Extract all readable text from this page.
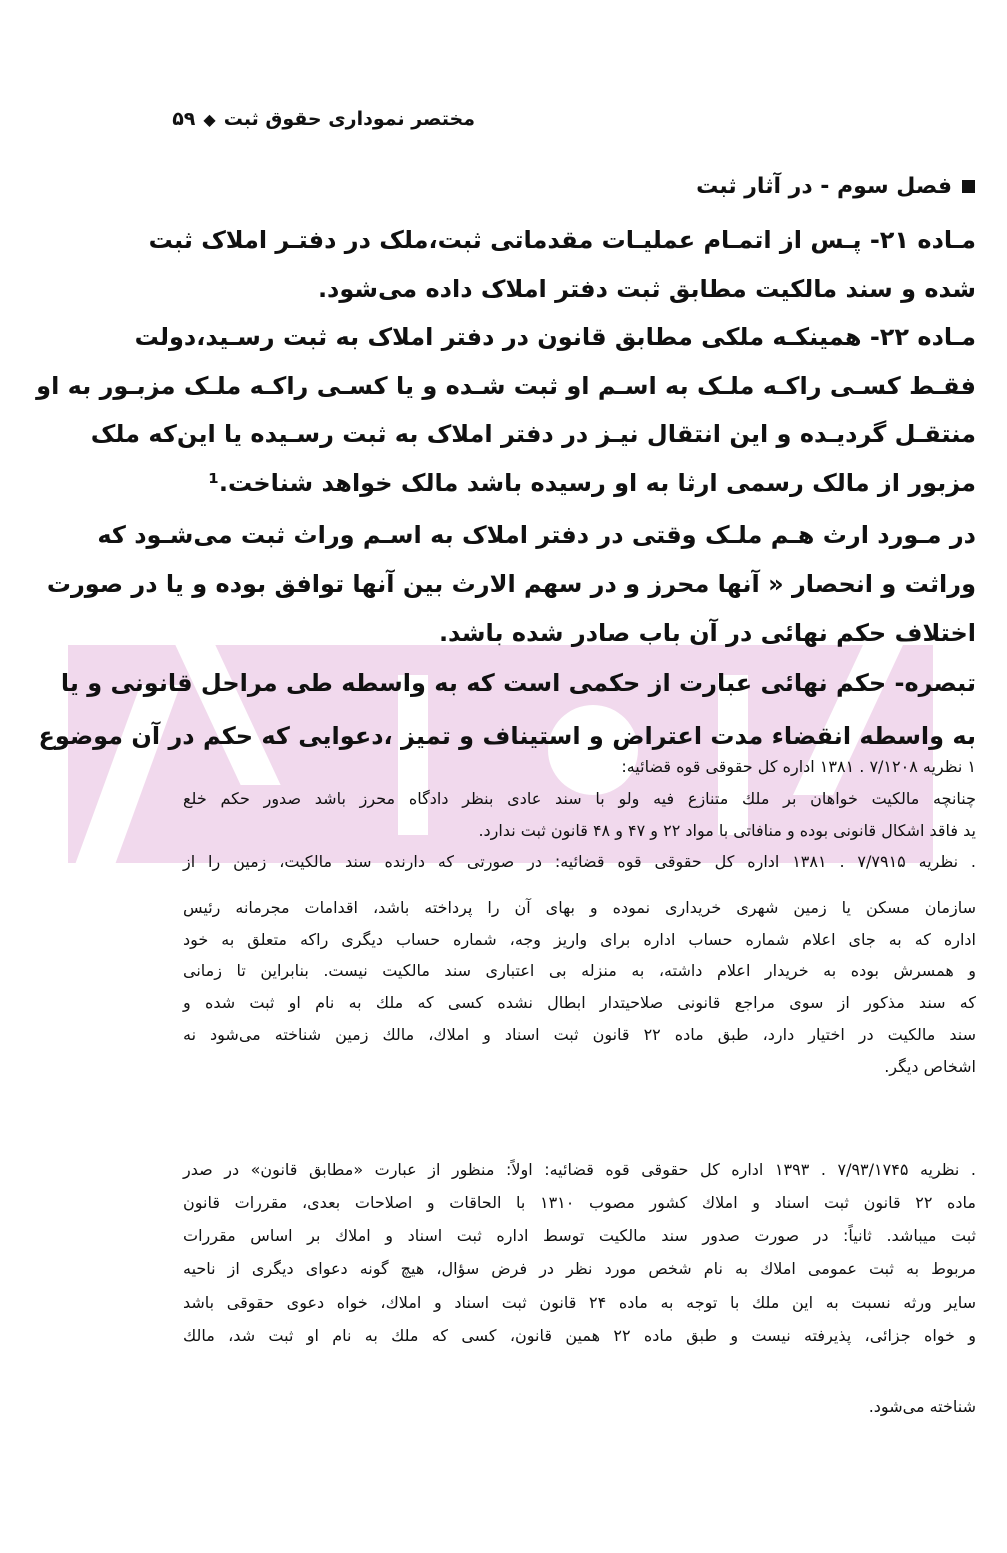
مختصر نموداری حقوق ثبت◆۵۹
فصل سوم - در آثار ثبت
مـاده ۲۱- پـس از اتمـام عمليـات مقدماتی ثبت،ملک در دفتـر املاک ثبت
شده و سند مالكيت مطابق ثبت دفتر املاک داده می‌شود.
مـاده ۲۲- همينكـه ملكی مطابق قانون در دفتر املاک به ثبت رسـيد،دولت
فقـط كسـی راكـه ملـک به اسـم او ثبت شـده و يا كسـی راكـه ملـک مزبـور به او
منتقـل گرديـده و اين انتقال نيـز در دفتر املاک به ثبت رسـيده يا اين‌كه ملک
مزبور از مالک رسمی ارثا به او رسيده باشد مالک خواهد شناخت.¹
در مـورد ارث هـم ملـک وقتی در دفتر املاک به اسـم وراث ثبت می‌شـود كه
وراثت و انحصار « آنها محرز و در سهم الارث بين آنها توافق بوده و يا در صورت
اختلاف حكم نهائی در آن باب صادر شده باشد.
تبصره- حكم نهائی عبارت از حكمی است كه به واسطه طی مراحل قانونی و يا
به واسطه انقضاء مدت اعتراض و استيناف و تميز ،دعوايی كه حكم در آن موضوع
۱ نظريه ۷/۱۲۰۸ . ۱۳۸۱ اداره كل حقوقی قوه قضائيه:
چنانچه مالكيت خواهان بر ملك متنازع فيه ولو با سند عادی بنظر دادگاه محرز باشد صدور حكم خلع
يد فاقد اشكال قانونی بوده و منافاتی با مواد ۲۲ و ۴۷ و ۴۸ قانون ثبت ندارد.
. نظريه ۷/۷۹۱۵ . ۱۳۸۱ اداره كل حقوقی قوه قضائيه: در صورتی كه دارنده سند مالكيت، زمين را از
سازمان مسكن يا زمين شهری خريداری نموده و بهای آن را پرداخته باشد، اقدامات مجرمانه رئيس
اداره كه به جای اعلام شماره حساب اداره برای واريز وجه، شماره حساب ديگری راكه متعلق به خود
و همسرش بوده به خريدار اعلام داشته، به منزله بی اعتباری سند مالكيت نيست. بنابراين تا زمانی
كه سند مذكور از سوی مراجع قانونی صلاحيتدار ابطال نشده كسی كه ملك به نام او ثبت شده و
سند مالكيت در اختيار دارد، طبق ماده ۲۲ قانون ثبت اسناد و املاك، مالك زمين شناخته می‌شود نه
اشخاص ديگر.
. نظريه ۷/۹۳/۱۷۴۵ . ۱۳۹۳ اداره كل حقوقی قوه قضائيه: اولاً: منظور از عبارت «مطابق قانون» در صدر
ماده ۲۲ قانون ثبت اسناد و املاك كشور مصوب ۱۳۱۰ با الحاقات و اصلاحات بعدی، مقررات قانون
ثبت ميباشد. ثانياً: در صورت صدور سند مالكيت توسط اداره ثبت اسناد و املاك بر اساس مقررات
مربوط به ثبت عمومی املاك به نام شخص مورد نظر در فرض سؤال، هيچ گونه دعوای ديگری از ناحيه
ساير ورثه نسبت به اين ملك با توجه به ماده ۲۴ قانون ثبت اسناد و املاك، خواه دعوی حقوقی باشد
و خواه جزائی، پذيرفته نيست و طبق ماده ۲۲ همين قانون، كسی كه ملك به نام او ثبت شد، مالك
شناخته می‌شود.
